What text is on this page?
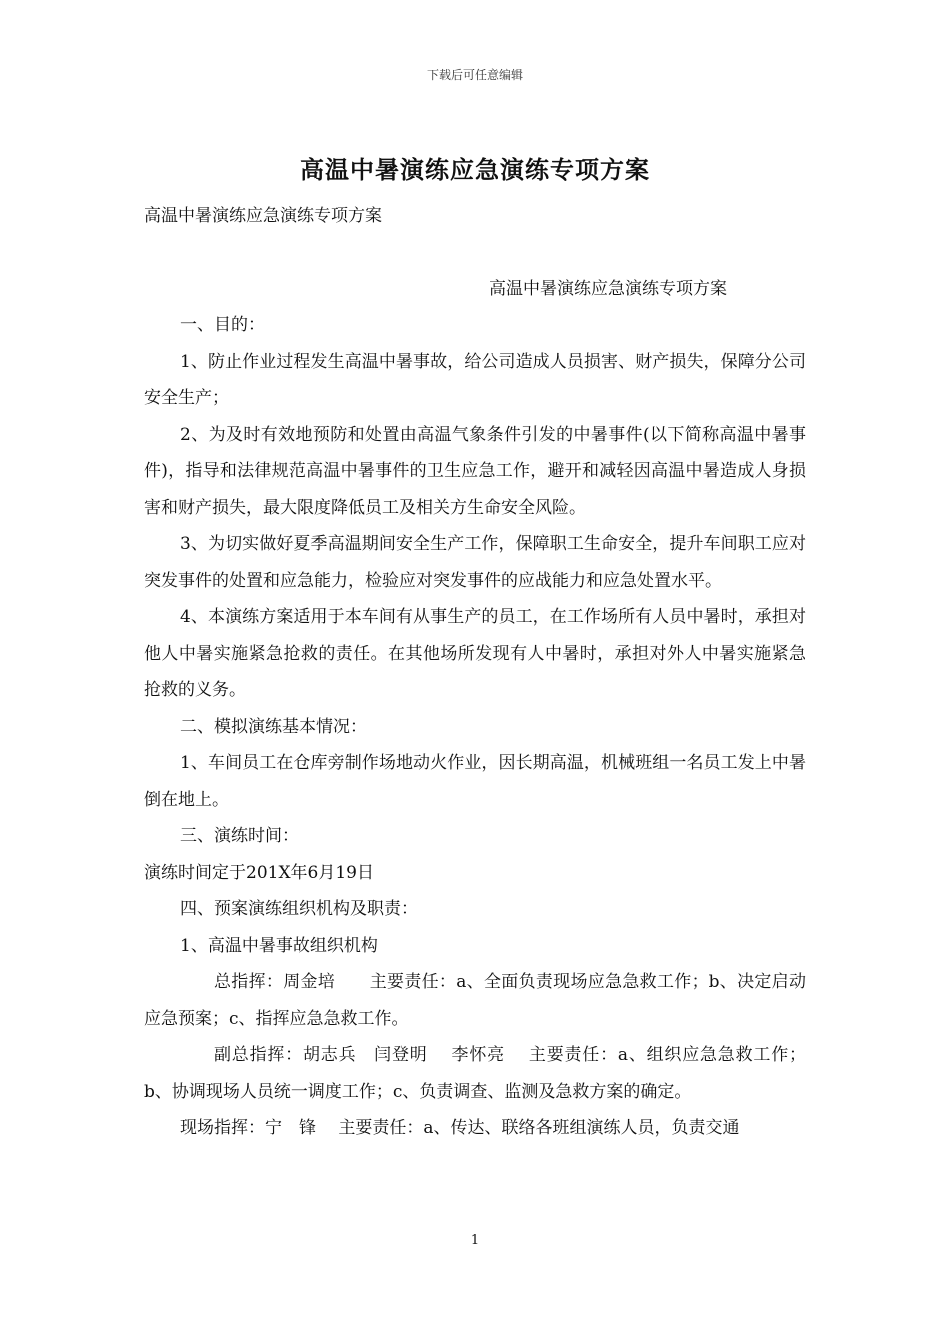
下载后可任意编辑
高温中暑演练应急演练专项方案

高温中暑演练应急演练专项方案

高温中暑演练应急演练专项方案

一、目的：

1、防止作业过程发生高温中暑事故，给公司造成人员损害、财产损失，保障分公司安全生产；

2、为及时有效地预防和处置由高温气象条件引发的中暑事件(以下简称高温中暑事件)，指导和法律规范高温中暑事件的卫生应急工作，避开和减轻因高温中暑造成人身损害和财产损失，最大限度降低员工及相关方生命安全风险。

3、为切实做好夏季高温期间安全生产工作，保障职工生命安全，提升车间职工应对突发事件的处置和应急能力，检验应对突发事件的应战能力和应急处置水平。

4、本演练方案适用于本车间有从事生产的员工，在工作场所有人员中暑时，承担对他人中暑实施紧急抢救的责任。在其他场所发现有人中暑时，承担对外人中暑实施紧急抢救的义务。

二、模拟演练基本情况：

1、车间员工在仓库旁制作场地动火作业，因长期高温，机械班组一名员工发上中暑倒在地上。

三、演练时间：

演练时间定于201X年6月19日

四、预案演练组织机构及职责：

1、高温中暑事故组织机构

总指挥：周金培　　主要责任：a、全面负责现场应急急救工作；b、决定启动应急预案；c、指挥应急急救工作。

副总指挥：胡志兵　闫登明　 李怀亮　 主要责任：a、组织应急急救工作；b、协调现场人员统一调度工作；c、负责调查、监测及急救方案的确定。

现场指挥：宁　锋　 主要责任：a、传达、联络各班组演练人员，负责交通

1
